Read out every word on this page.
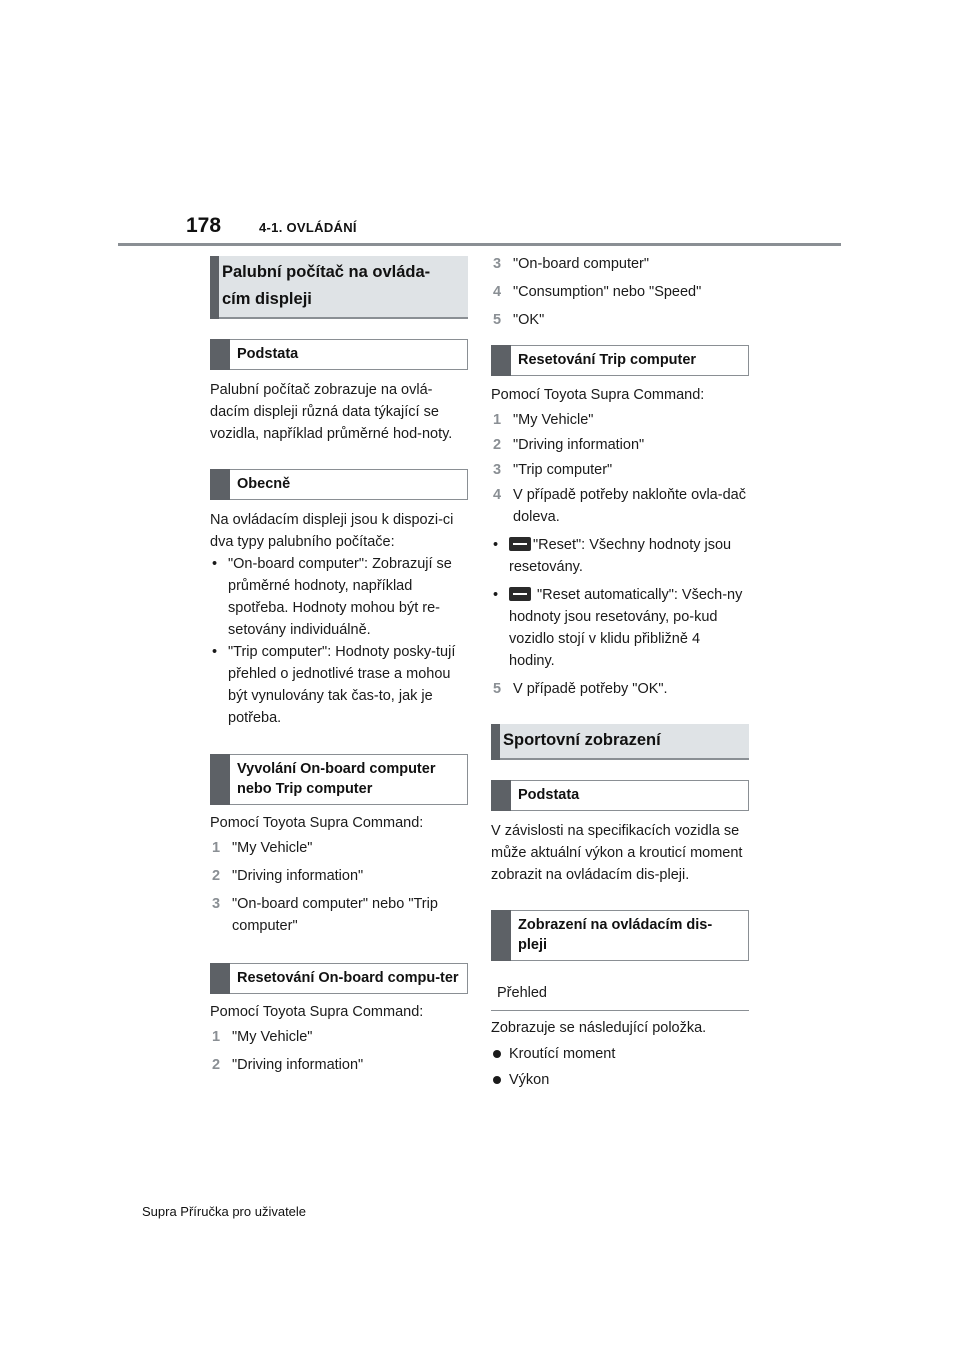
178	4-1. OVLÁDÁNÍ
Palubní počítač na ovláda-cím displeji
Podstata

Palubní počítač zobrazuje na ovlá-dacím displeji různá data týkající se vozidla, například průměrné hod-noty.

Obecně

Na ovládacím displeji jsou k dispozi-ci dva typy palubního počítače:

• "On-board computer": Zobrazují se průměrné hodnoty, například spotřeba. Hodnoty mohou být re-setovány individuálně.
• "Trip computer": Hodnoty posky-tují přehled o jednotlivé trase a mohou být vynulovány tak čas-to, jak je potřeba.
Vyvolání On-board computer nebo Trip computer

Pomocí Toyota Supra Command:

1 "My Vehicle"
2 "Driving information"
3 "On-board computer" nebo "Trip computer"
Resetování On-board compu-ter

Pomocí Toyota Supra Command:

1 "My Vehicle"
2 "Driving information"
3 "On-board computer"
4 "Consumption" nebo "Speed"
5 "OK"
Resetování Trip computer

Pomocí Toyota Supra Command:

1 "My Vehicle"
2 "Driving information"
3 "Trip computer"
4 V případě potřeby nakloňte ovla-dač doleva.
• "Reset": Všechny hodnoty jsou resetovány.
•	"Reset automatically": Všech-ny hodnoty jsou resetovány, po-kud vozidlo stojí v klidu přibližně 4 hodiny.
5 V případě potřeby "OK".
Sportovní zobrazení
Podstata

V závislosti na specifikacích vozidla se může aktuální výkon a krouticí moment zobrazit na ovládacím dis-pleji.

Zobrazení na ovládacím dis-pleji
Přehled

Zobrazuje se následující položka.

Kroutící moment
Výkon
Supra Příručka pro uživatele
